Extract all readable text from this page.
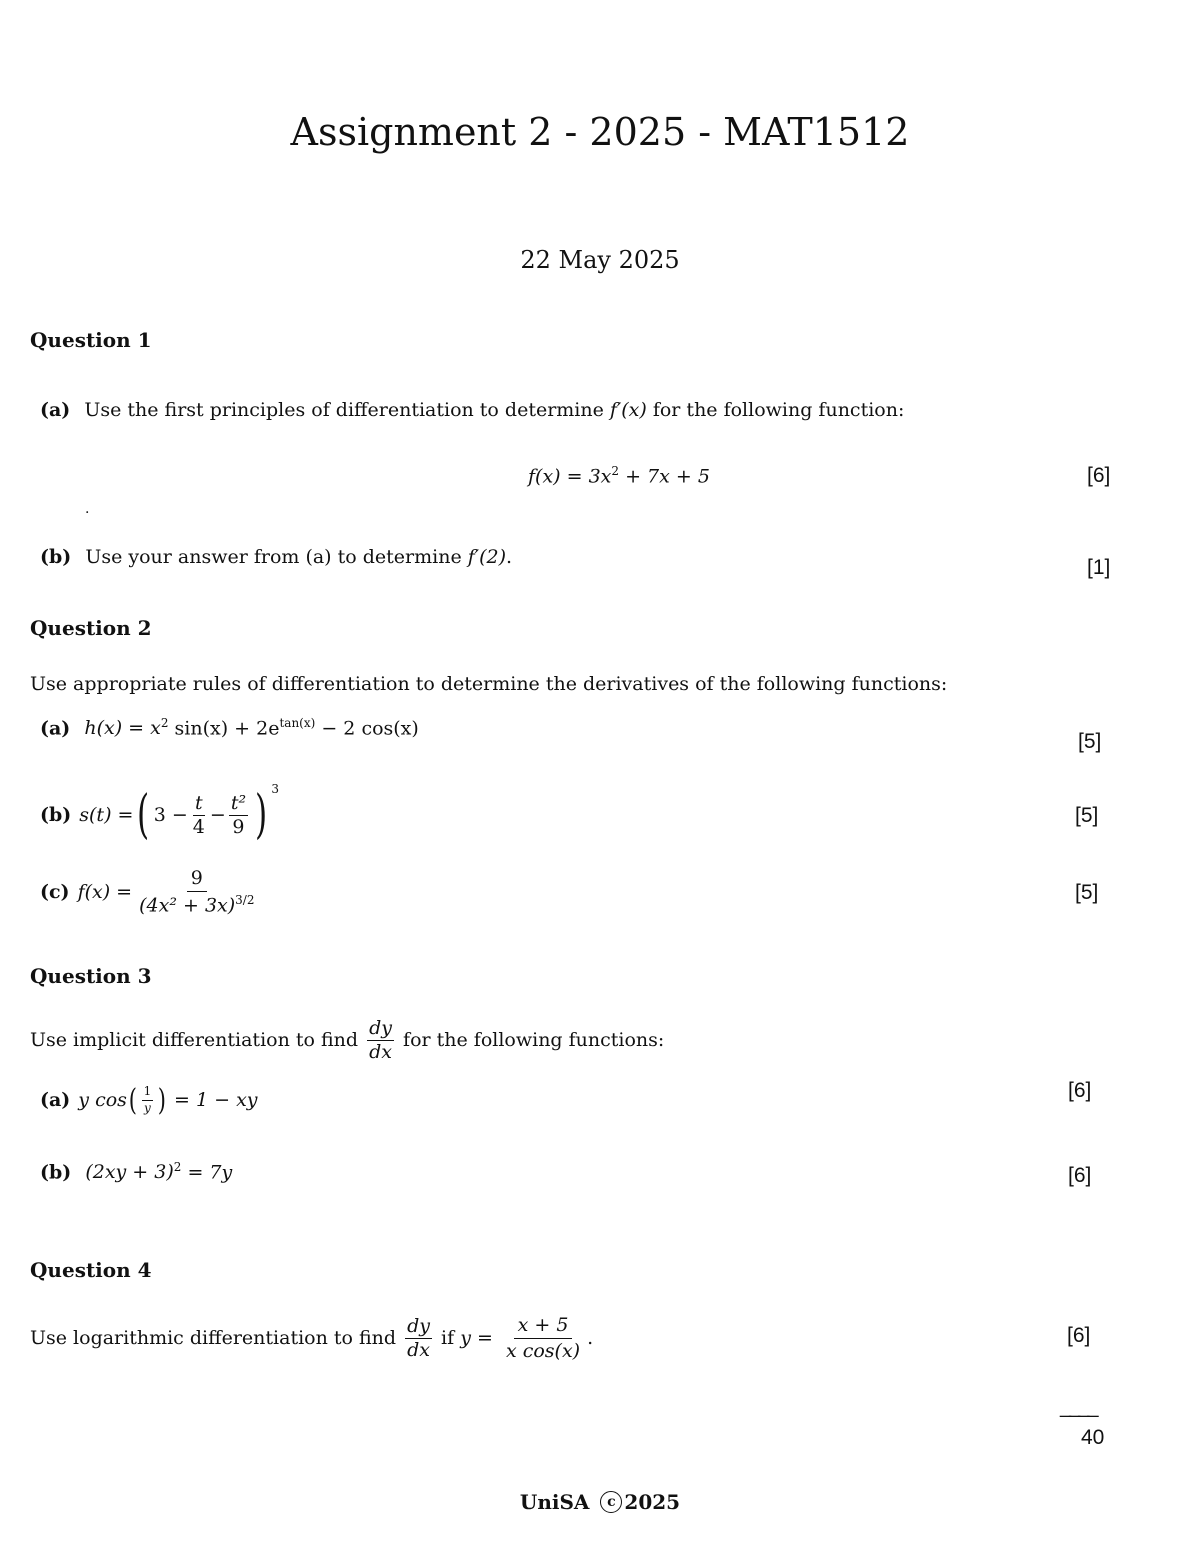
Assignment 2 - 2025 - MAT1512
22 May 2025
Question 1
(a) Use the first principles of differentiation to determine f′(x) for the following function:
$f(x) = 3x^2 + 7x + 5$	[6]
·
(b) Use your answer from (a) to determine f′(2).	[1]
Question 2
Use appropriate rules of differentiation to determine the derivatives of the following functions:
(a) $h(x) = x^2$ $\sin(x) + 2e^{tan(x)} - 2$ cos(x)
[5]
(b) s(t) = ( $3 - \frac{t}{4} - \frac{\text{t²}}{9}$ ) $^3$
[5]
(c) $f(x) = \frac{9}{(4x^2 + 3x)^{3/2}}$	[5]
Question 3
Use implicit differentiation to find $\frac{dy}{dx}$ for the following functions:
(a) y cos ( $\frac{1}{y}$ ) = 1 − xy	[6]
(b) $(2xy + 3)^2 = 7y$	[6]
Question 4
Use logarithmic differentiation to find $\frac{dy}{dx}$ if $y = \frac{x + 5}{\text{x cos(x)}}$ .	[6]
____
40
UniSA c 2025
